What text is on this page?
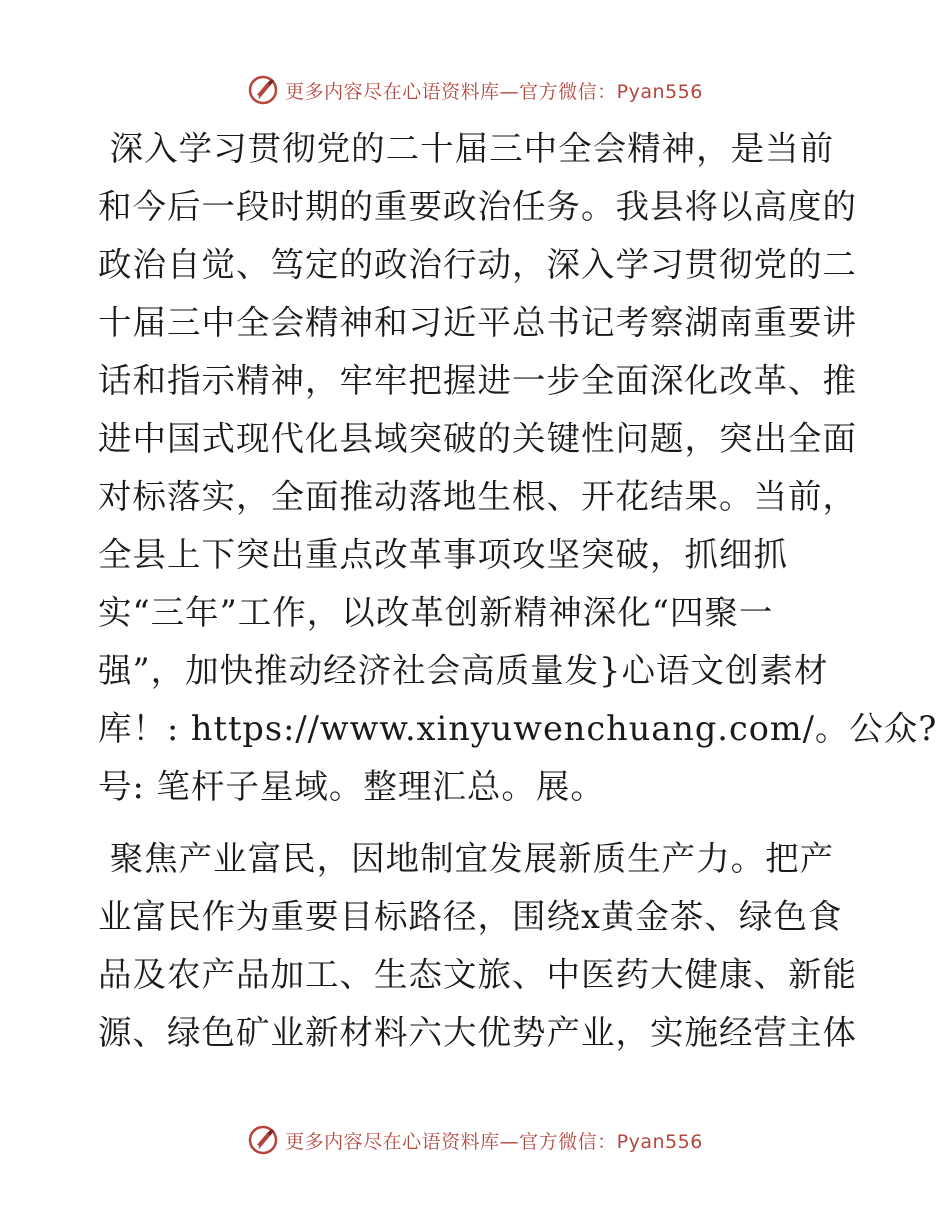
更多内容尽在心语资料库—官方微信：Pyan556
深入学习贯彻党的二十届三中全会精神，是当前
和今后一段时期的重要政治任务。我县将以高度的
政治自觉、笃定的政治行动，深入学习贯彻党的二
十届三中全会精神和习近平总书记考察湖南重要讲
话和指示精神，牢牢把握进一步全面深化改革、推
进中国式现代化县域突破的关键性问题，突出全面
对标落实，全面推动落地生根、开花结果。当前，
全县上下突出重点改革事项攻坚突破，抓细抓
实“三年”工作，以改革创新精神深化“四聚一
强”，加快推动经济社会高质量发}心语文创素材
库！: https://www.xinyuwenchuang.com/。公众?
号: 笔杆子星域。整理汇总。展。
聚焦产业富民，因地制宜发展新质生产力。把产
业富民作为重要目标路径，围绕x黄金茶、绿色食
品及农产品加工、生态文旅、中医药大健康、新能
源、绿色矿业新材料六大优势产业，实施经营主体
更多内容尽在心语资料库—官方微信：Pyan556
